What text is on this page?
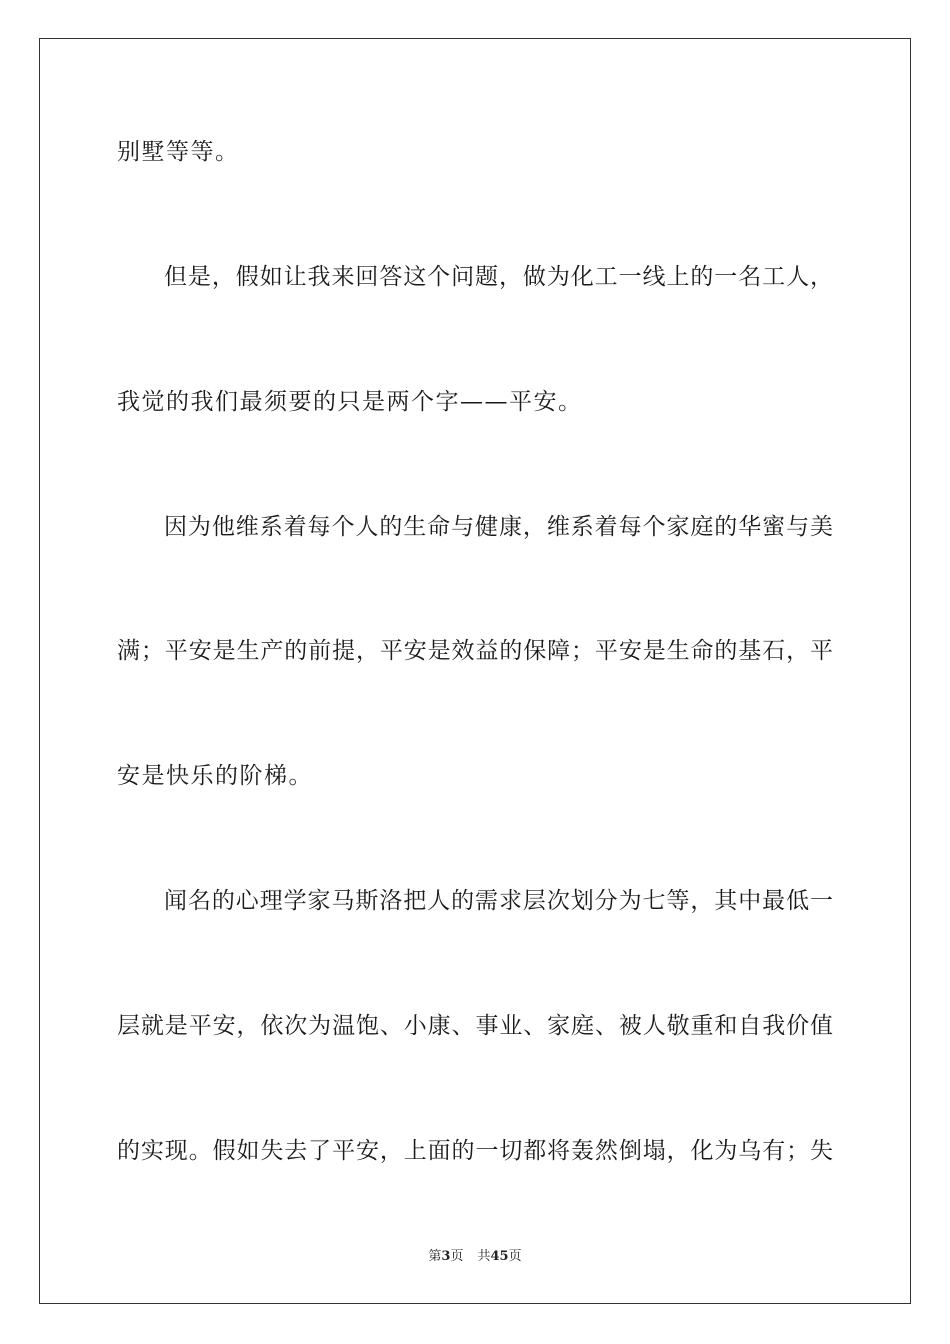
别墅等等。
但是，假如让我来回答这个问题，做为化工一线上的一名工人，
我觉的我们最须要的只是两个字——平安。
因为他维系着每个人的生命与健康，维系着每个家庭的华蜜与美
满；平安是生产的前提，平安是效益的保障；平安是生命的基石，平
安是快乐的阶梯。
闻名的心理学家马斯洛把人的需求层次划分为七等，其中最低一
层就是平安，依次为温饱、小康、事业、家庭、被人敬重和自我价值
的实现。假如失去了平安，上面的一切都将轰然倒塌，化为乌有；失
第3页 共45页
